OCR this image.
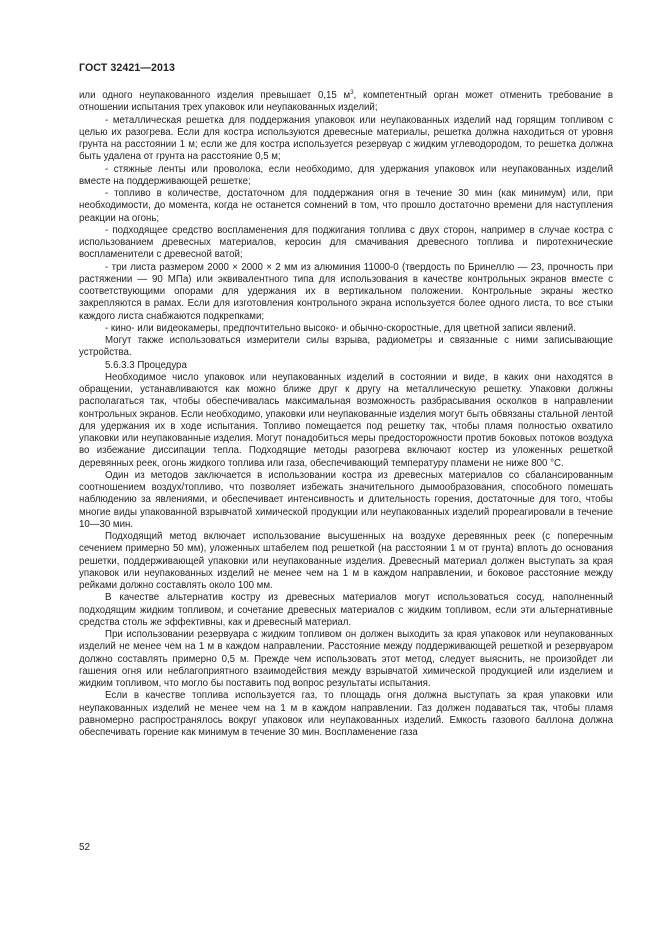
ГОСТ 32421—2013

или одного неупакованного изделия превышает 0,15 $м^3$, компетентный орган может отменить требование в отношении испытания трех упаковок или неупакованных изделий;

- металлическая решетка для поддержания упаковок или неупакованных изделий над горящим топливом с целью их разогрева. Если для костра используются древесные материалы, решетка должна находиться от уровня грунта на расстоянии 1 м; если же для костра используется резервуар с жидким углеводородом, то решетка должна быть удалена от грунта на расстояние 0,5 м;

- стяжные ленты или проволока, если необходимо, для удержания упаковок или неупакованных изделий вместе на поддерживающей решетке;

- топливо в количестве, достаточном для поддержания огня в течение 30 мин (как минимум) или, при необходимости, до момента, когда не останется сомнений в том, что прошло достаточно времени для наступления реакции на огонь;

- подходящее средство воспламенения для поджигания топлива с двух сторон, например в случае костра с использованием древесных материалов, керосин для смачивания древесного топлива и пиротехнические воспламенители с древесной ватой;

- три листа размером 2000 × 2000 × 2 мм из алюминия 11000-0 (твердость по Бринеллю — 23, прочность при растяжении — 90 МПа) или эквивалентного типа для использования в качестве контрольных экранов вместе с соответствующими опорами для удержания их в вертикальном положении. Контрольные экраны жестко закрепляются в рамах. Если для изготовления контрольного экрана используется более одного листа, то все стыки каждого листа снабжаются подкрепками;

- кино- или видеокамеры, предпочтительно высоко- и обычно-скоростные, для цветной записи явлений.

Могут также использоваться измерители силы взрыва, радиометры и связанные с ними записывающие устройства.

5.6.3.3 Процедура

Необходимое число упаковок или неупакованных изделий в состоянии и виде, в каких они находятся в обращении, устанавливаются как можно ближе друг к другу на металлическую решетку. Упаковки должны располагаться так, чтобы обеспечивалась максимальная возможность разбрасывания осколков в направлении контрольных экранов. Если необходимо, упаковки или неупакованные изделия могут быть обвязаны стальной лентой для удержания их в ходе испытания. Топливо помещается под решетку так, чтобы пламя полностью охватило упаковки или неупакованные изделия. Могут понадобиться меры предосторожности против боковых потоков воздуха во избежание диссипации тепла. Подходящие методы разогрева включают костер из уложенных решеткой деревянных реек, огонь жидкого топлива или газа, обеспечивающий температуру пламени не ниже 800 °С.

Один из методов заключается в использовании костра из древесных материалов со сбалансированным соотношением воздух/топливо, что позволяет избежать значительного дымообразования, способного помешать наблюдению за явлениями, и обеспечивает интенсивность и длительность горения, достаточные для того, чтобы многие виды упакованной взрывчатой химической продукции или неупакованных изделий прореагировали в течение 10—30 мин.

Подходящий метод включает использование высушенных на воздухе деревянных реек (с поперечным сечением примерно 50 мм), уложенных штабелем под решеткой (на расстоянии 1 м от грунта) вплоть до основания решетки, поддерживающей упаковки или неупакованные изделия. Древесный материал должен выступать за края упаковок или неупакованных изделий не менее чем на 1 м в каждом направлении, и боковое расстояние между рейками должно составлять около 100 мм.

В качестве альтернатив костру из древесных материалов могут использоваться сосуд, наполненный подходящим жидким топливом, и сочетание древесных материалов с жидким топливом, если эти альтернативные средства столь же эффективны, как и древесный материал.

При использовании резервуара с жидким топливом он должен выходить за края упаковок или неупакованных изделий не менее чем на 1 м в каждом направлении. Расстояние между поддерживающей решеткой и резервуаром должно составлять примерно 0,5 м. Прежде чем использовать этот метод, следует выяснить, не произойдет ли гашения огня или неблагоприятного взаимодействия между взрывчатой химической продукцией или изделием и жидким топливом, что могло бы поставить под вопрос результаты испытания.

Если в качестве топлива используется газ, то площадь огня должна выступать за края упаковки или неупакованных изделий не менее чем на 1 м в каждом направлении. Газ должен подаваться так, чтобы пламя равномерно распространялось вокруг упаковок или неупакованных изделий. Емкость газового баллона должна обеспечивать горение как минимум в течение 30 мин. Воспламенение газа

52
